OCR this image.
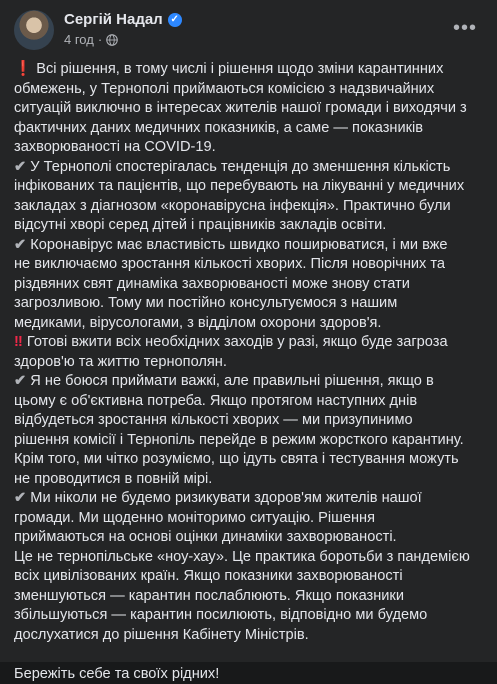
Сергій Надал ✓
4 год ·
•••
❗ Всі рішення, в тому числі і рішення щодо зміни карантинних
обмежень, у Тернополі приймаються комісією з надзвичайних
ситуацій виключно в інтересах жителів нашої громади і виходячи з
фактичних даних медичних показників, а саме — показників
захворюваності на COVID-19.
✔ У Тернополі спостерігалась тенденція до зменшення кількість
інфікованих та пацієнтів, що перебувають на лікуванні у медичних
закладах з діагнозом «коронавірусна інфекція». Практично були
відсутні хворі серед дітей і працівників закладів освіти.
✔ Коронавірус має властивість швидко поширюватися, і ми вже
не виключаємо зростання кількості хворих. Після новорічних та
різдвяних свят динаміка захворюваності може знову стати
загрозливою. Тому ми постійно консультуємося з нашим
медиками, вірусологами, з відділом охорони здоров'я.
‼ Готові вжити всіх необхідних заходів у разі, якщо буде загроза
здоров'ю та життю тернополян.
✔ Я не боюся приймати важкі, але правильні рішення, якщо в
цьому є об'єктивна потреба. Якщо протягом наступних днів
відбудеться зростання кількості хворих — ми призупинимо
рішення комісії і Тернопіль перейде в режим жорсткого карантину.
Крім того, ми чітко розуміємо, що ідуть свята і тестування можуть
не проводитися в повній мірі.
✔ Ми ніколи не будемо ризикувати здоров'ям жителів нашої
громади. Ми щоденно моніторимо ситуацію. Рішення
приймаються на основі оцінки динаміки захворюваності.
Це не тернопільське «ноу-хау». Це практика боротьби з пандемією
всіх цивілізованих країн. Якщо показники захворюваності
зменшуються — карантин послаблюють. Якщо показники
збільшуються — карантин посилюють, відповідно ми будемо
дослухатися до рішення Кабінету Міністрів.
Бережіть себе та своїх рідних!
